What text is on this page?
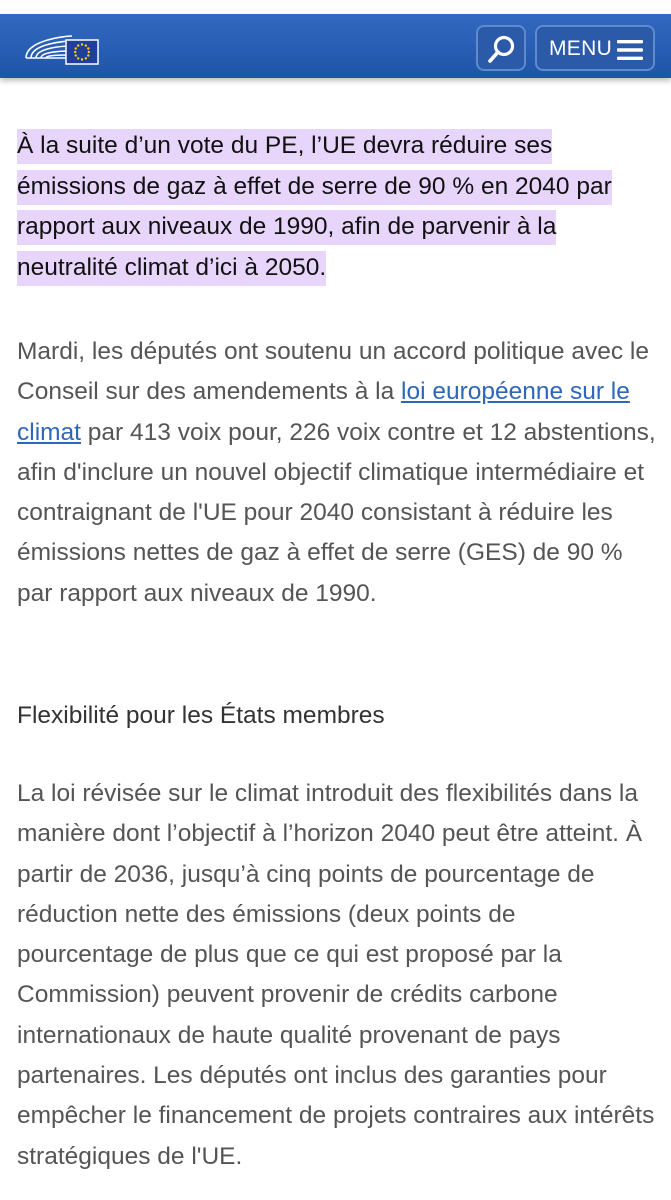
MENU

À la suite d’un vote du PE, l’UE devra réduire ses émissions de gaz à effet de serre de 90 % en 2040 par rapport aux niveaux de 1990, afin de parvenir à la neutralité climat d’ici à 2050.

Mardi, les députés ont soutenu un accord politique avec le Conseil sur des amendements à la loi européenne sur le climat par 413 voix pour, 226 voix contre et 12 abstentions, afin d'inclure un nouvel objectif climatique intermédiaire et contraignant de l'UE pour 2040 consistant à réduire les émissions nettes de gaz à effet de serre (GES) de 90 % par rapport aux niveaux de 1990.

Flexibilité pour les États membres

La loi révisée sur le climat introduit des flexibilités dans la manière dont l’objectif à l’horizon 2040 peut être atteint. À partir de 2036, jusqu’à cinq points de pourcentage de réduction nette des émissions (deux points de pourcentage de plus que ce qui est proposé par la Commission) peuvent provenir de crédits carbone internationaux de haute qualité provenant de pays partenaires. Les députés ont inclus des garanties pour empêcher le financement de projets contraires aux intérêts stratégiques de l'UE.
